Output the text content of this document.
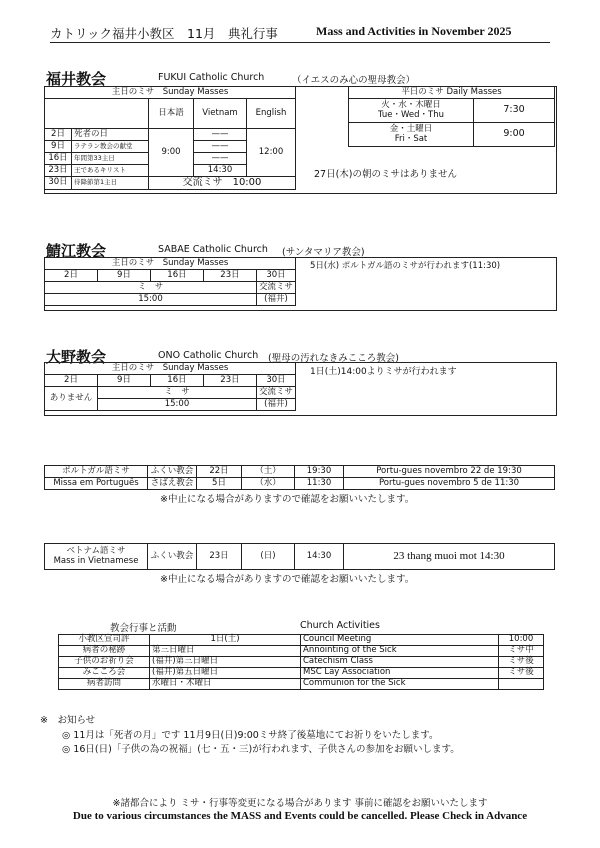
カトリック福井小教区　11月　典礼行事	Mass and Activities in November 2025
福井教会	FUKUI Catholic Church	（イエスのみ心の聖母教会）
主日のミサ　Sunday Masses				
		日本語	Vietnam	English
2日	死者の日	9:00	——	12:00
9日	ラテラン教会の献堂		——	
16日	年間第33主日		——	
23日	王であるキリスト		14:30	
30日	待降節第1主日	交流ミサ　10:00		
平日のミサ Daily Masses	

火・水・木曜日
Tue・Wed・Thu	7:30

金・土曜日
Fri・Sat	9:00
27日(木)の朝のミサはありません
鯖江教会	SABAE Catholic Church (サンタマリア教会)
主日のミサ　Sunday Masses				
2日	9日	16日	23日	30日
ミ　サ				交流ミサ
15:00				(福井)
5日(水) ポルトガル語のミサが行われます(11:30)
大野教会	ONO Catholic Church (聖母の汚れなきみこころ教会)
主日のミサ　Sunday Masses				
2日	9日	16日	23日	30日
ありません	ミ　サ			交流ミサ
	15:00			(福井)
1日(土)14:00よりミサが行われます
ポルトガル語ミサ	ふくい教会	22日	（土）	19:30	Portu-gues novembro 22 de 19:30
Missa em Português	さばえ教会	5日	（水）	11:30	Portu-gues novembro 5 de 11:30
※中止になる場合がありますので確認をお願いいたします。
ベトナム語ミサ
Mass in Vietnamese	ふくい教会	23日	(日)	14:30	23 thang muoi mot 14:30
※中止になる場合がありますので確認をお願いいたします。
教会行事と活動	Church Activities
小教区宣司評	1日(土)	Council Meeting	10:00
病者の秘跡	第三日曜日	Annointing of the Sick	ミサ中
子供のお祈り会	(福井)第三日曜日	Catechism Class	ミサ後
みこころ会	(福井)第五日曜日	MSC Lay Association	ミサ後
病者訪問	水曜日・木曜日	Communion for the Sick	
※　お知らせ
◎ 11月は「死者の月」です 11月9日(日)9:00ミサ終了後墓地にてお祈りをいたします。
◎ 16日(日)「子供の為の祝福」(七・五・三)が行われます、子供さんの参加をお願いします。
※諸都合により ミサ・行事等変更になる場合があります 事前に確認をお願いいたします
Due to various circumstances the MASS and Events could be cancelled. Please Check in Advance
